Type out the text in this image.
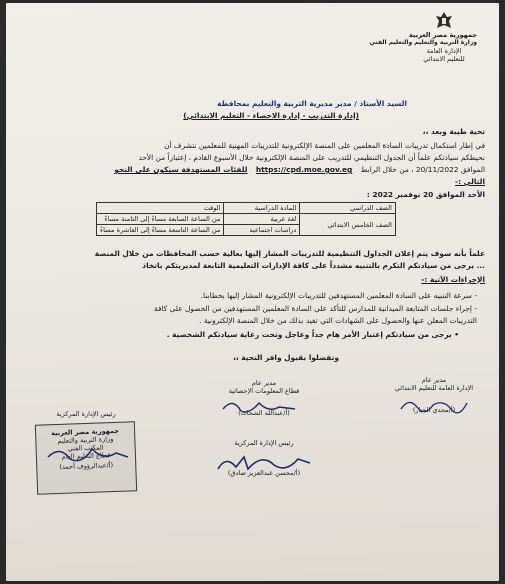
جمهورية مصر العربية
وزارة التربية والتعليم والتعليم الفني
الإدارة العامة
للتعليم الابتدائي
السيد الأستاذ / مدير مديرية التربية والتعليم بمحافظة
(إدارة التدريب - إدارة الاحصاء - التعليم الابتدائي)
تحية طيبة وبعد ،،
في إطار استكمال تدريبات السادة المعلمين على المنصة الإلكترونية للتدريبات المهنية للمعلمين نتشرف أن
نحيطكم سيادتكم علماً أن الجدول التنظيمي للتدريب على المنصة الإلكترونية خلال الأسبوع القادم ، إعتباراً من الأحد
الموافق 20/11/2022 ، من خلال الرابط https://cpd.moe.gov.eg للفئات المستهدفة سيكون على النحو
التالي :-
الأحد الموافق 20 نوفمبر 2022 :
الصف الدراسي	المادة الدراسية	الوقت
الصف الخامس الابتدائي	لغة عربية	من الساعة السابعة مساءً إلى الثامنة مساءً
	دراسات اجتماعية	من الساعة التاسعة مساءً إلى العاشرة مساءً
علماً بأنه سوف يتم إعلان الجداول التنظيمية للتدريبات المشار إليها بعالية حسب المحافظات من خلال المنصة
... يرجى من سيادتكم التكرم بالتنبيه مشدداً على كافة الإدارات التعليمية التابعة لمديريتكم باتخاذ
الإجراءات الآتية :-
- سرعة التنبيه على السادة المعلمين المستهدفين للتدريبات الإلكترونية المشار إليها بخطابنا.
- إجراء جلسات المتابعة الميدانية للمدارس للتأكد على السادة المعلمين المستهدفين من الحصول على كافة
التدريبات المعلن عنها والحصول على الشهادات التي تفيد بذلك من خلال المنصة الإلكترونية .
• يرجى من سيادتكم إعتبار الأمر هام جداً وعاجل وتحت رعاية سيادتكم الشخصية .
وتفضلوا بقبول وافر التحية ،،
مدير عام
الإدارة العامة للتعليم الابتدائي
(أ/مجدي الجيار)
مدير عام
قطاع المعلومات الإحصائية
(أ/عبدالله الشحات)
رئيس الإدارة المركزية
(أ/محسن عبدالعزيز صادق)
رئيس الإدارة المركزية
جمهورية مصر العربية
وزارة التربية والتعليم
المكتب الفني
قطاع التعليم العام
(أ/عبدالرؤوف أحمد)
